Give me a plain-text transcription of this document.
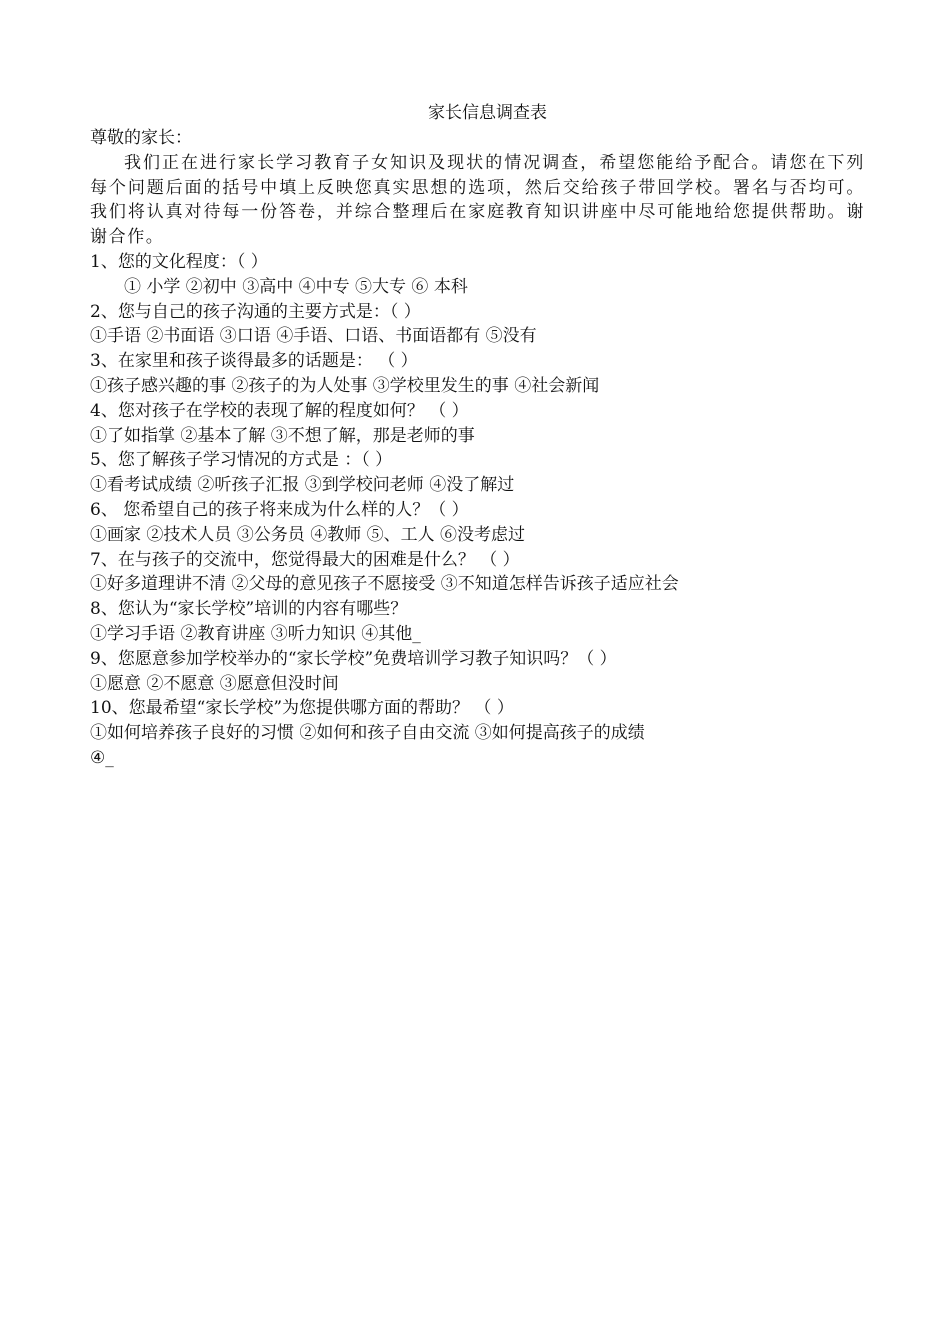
家长信息调查表

尊敬的家长：

我们正在进行家长学习教育子女知识及现状的情况调查，希望您能给予配合。请您在下列每个问题后面的括号中填上反映您真实思想的选项，然后交给孩子带回学校。署名与否均可。我们将认真对待每一份答卷，并综合整理后在家庭教育知识讲座中尽可能地给您提供帮助。谢谢合作。

1、您的文化程度：（ ）

① 小学 ②初中 ③高中 ④中专 ⑤大专 ⑥ 本科

2、您与自己的孩子沟通的主要方式是：（ ）

①手语 ②书面语 ③口语 ④手语、口语、书面语都有 ⑤没有

3、在家里和孩子谈得最多的话题是： （ ）

①孩子感兴趣的事 ②孩子的为人处事 ③学校里发生的事 ④社会新闻

4、您对孩子在学校的表现了解的程度如何？ （ ）

①了如指掌 ②基本了解 ③不想了解，那是老师的事

5、您了解孩子学习情况的方式是 ：（ ）

①看考试成绩 ②听孩子汇报 ③到学校问老师 ④没了解过

6、 您希望自己的孩子将来成为什么样的人？（ ）

①画家 ②技术人员 ③公务员 ④教师 ⑤、工人 ⑥没考虑过

7、在与孩子的交流中，您觉得最大的困难是什么？ （ ）

①好多道理讲不清 ②父母的意见孩子不愿接受 ③不知道怎样告诉孩子适应社会

8、您认为“家长学校”培训的内容有哪些？

①学习手语 ②教育讲座 ③听力知识 ④其他_

9、您愿意参加学校举办的“家长学校”免费培训学习教子知识吗？（ ）

①愿意 ②不愿意 ③愿意但没时间

10、您最希望“家长学校”为您提供哪方面的帮助？ （ ）

①如何培养孩子良好的习惯 ②如何和孩子自由交流 ③如何提高孩子的成绩

④_
